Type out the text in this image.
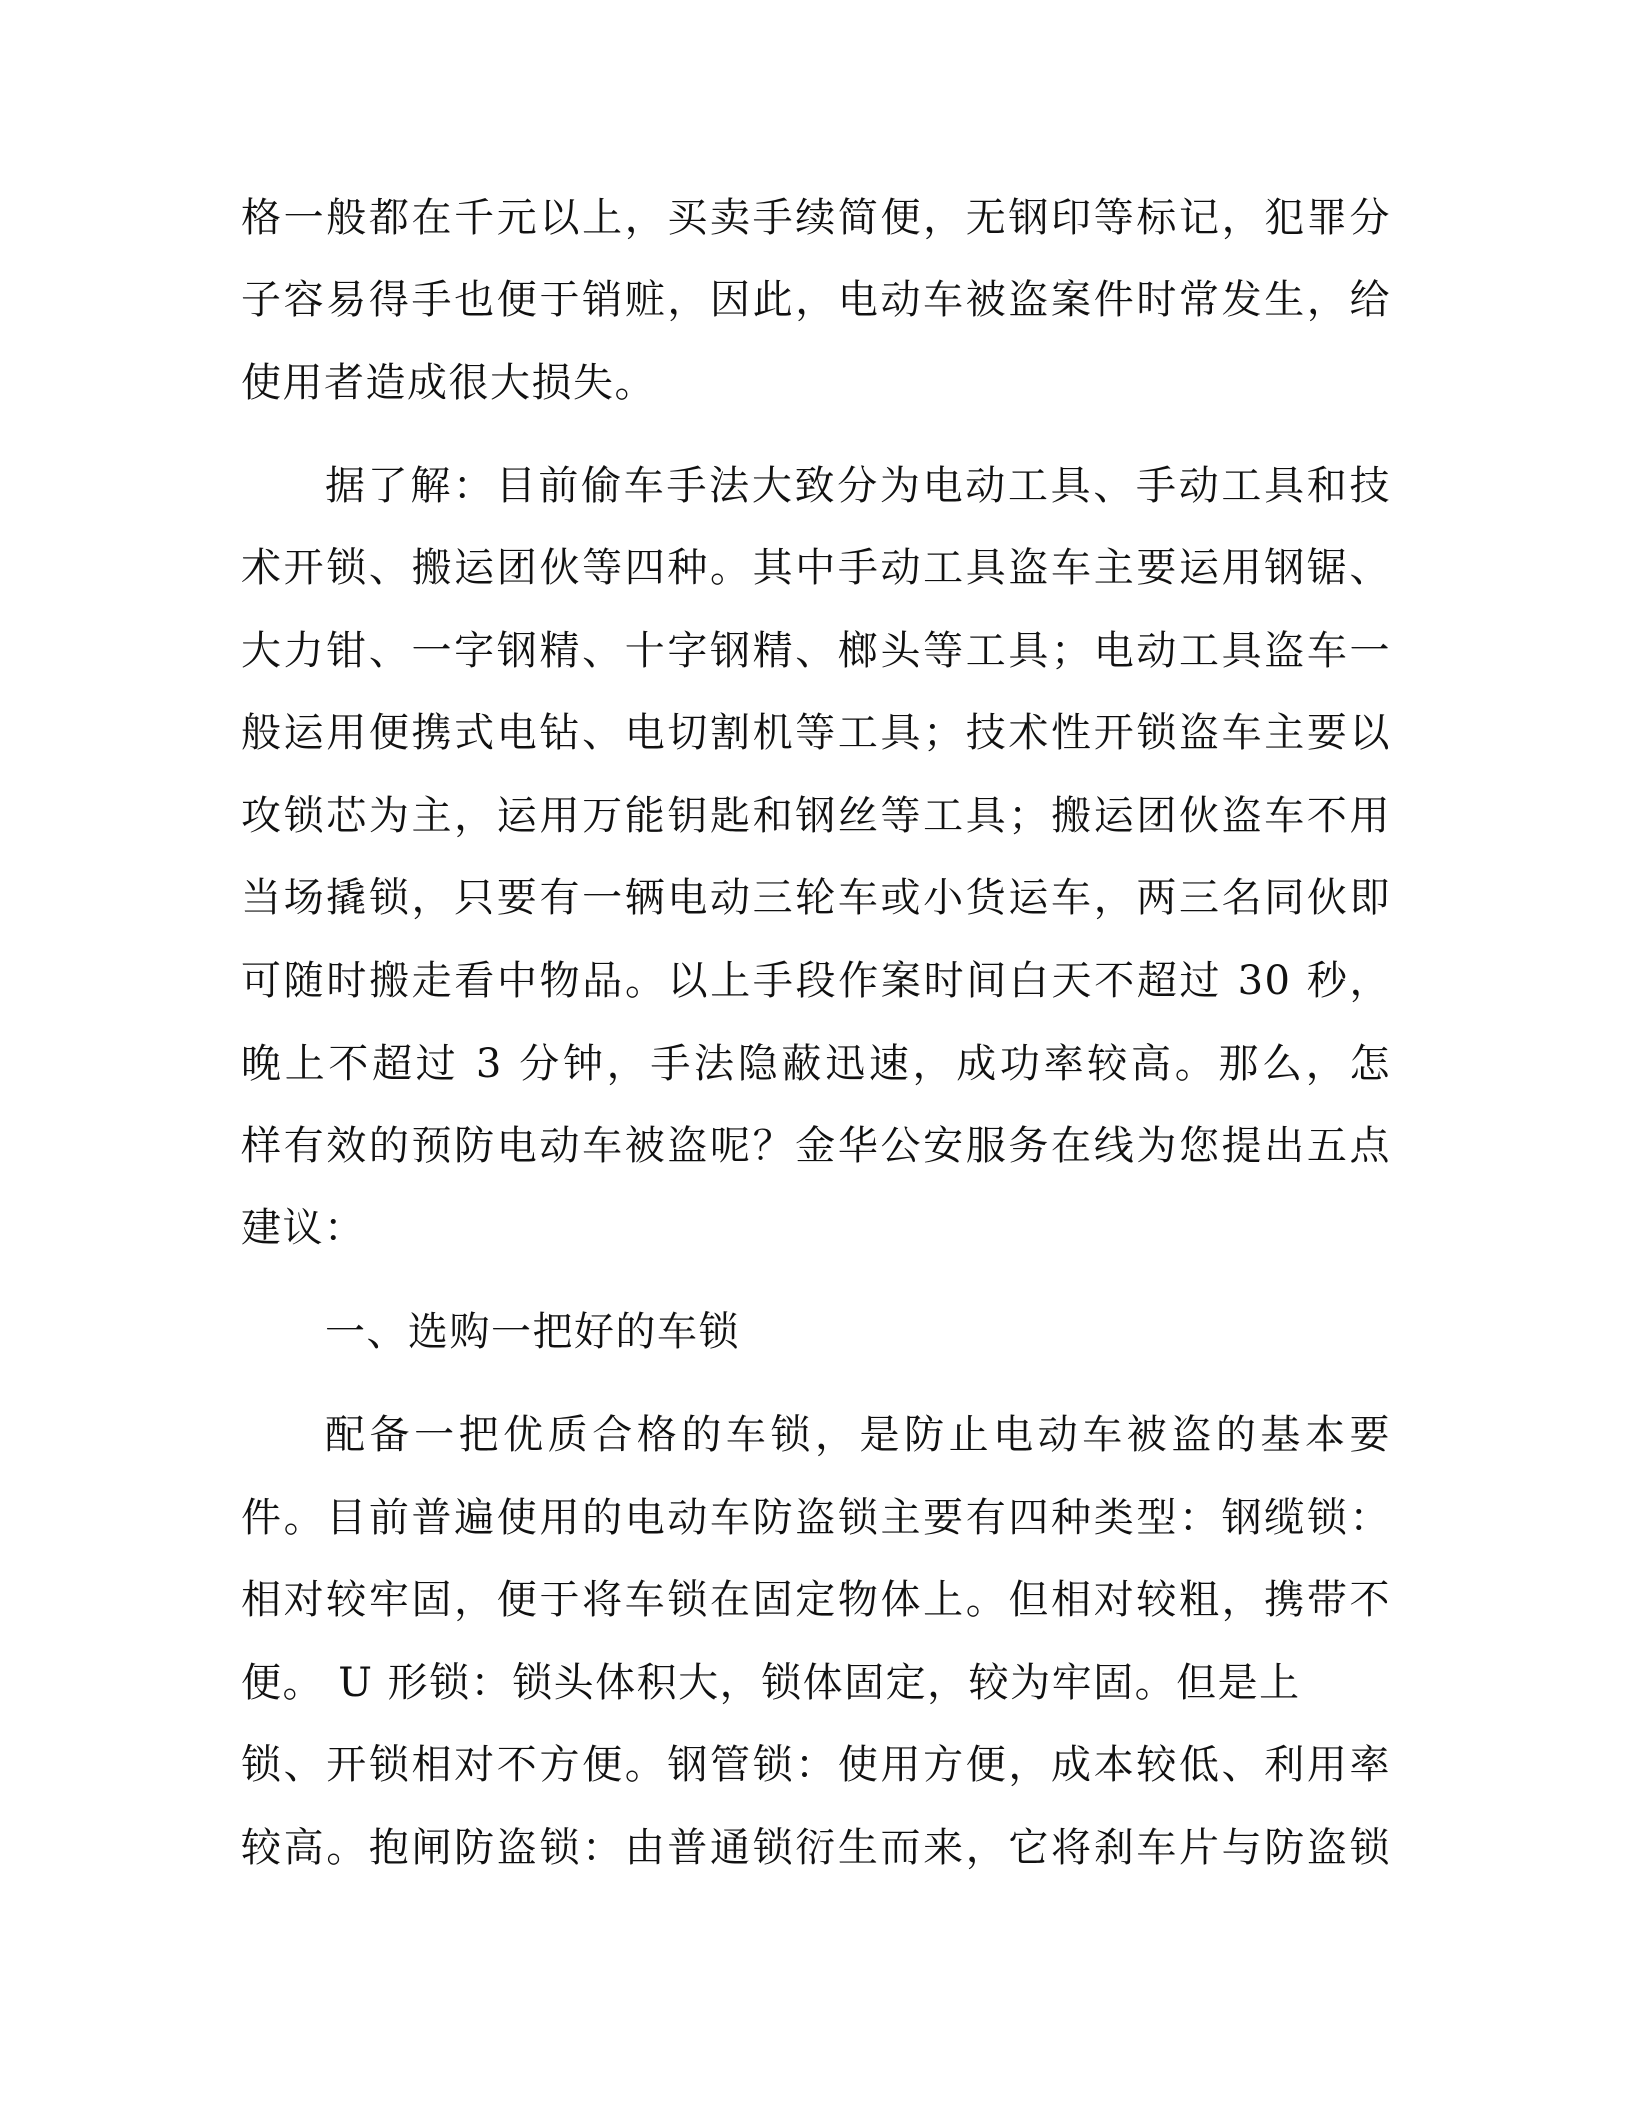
格一般都在千元以上，买卖手续简便，无钢印等标记，犯罪分
子容易得手也便于销赃，因此，电动车被盗案件时常发生，给
使用者造成很大损失。
据了解：目前偷车手法大致分为电动工具、手动工具和技
术开锁、搬运团伙等四种。其中手动工具盗车主要运用钢锯、
大力钳、一字钢精、十字钢精、榔头等工具；电动工具盗车一
般运用便携式电钻、电切割机等工具；技术性开锁盗车主要以
攻锁芯为主，运用万能钥匙和钢丝等工具；搬运团伙盗车不用
当场撬锁，只要有一辆电动三轮车或小货运车，两三名同伙即
可随时搬走看中物品。以上手段作案时间白天不超过 30 秒，
晚上不超过 3 分钟，手法隐蔽迅速，成功率较高。那么，怎
样有效的预防电动车被盗呢？金华公安服务在线为您提出五点
建议：
一、选购一把好的车锁
配备一把优质合格的车锁，是防止电动车被盗的基本要
件。目前普遍使用的电动车防盗锁主要有四种类型：钢缆锁：
相对较牢固，便于将车锁在固定物体上。但相对较粗，携带不
便。 U 形锁：锁头体积大，锁体固定，较为牢固。但是上
锁、开锁相对不方便。钢管锁：使用方便，成本较低、利用率
较高。抱闸防盗锁：由普通锁衍生而来，它将刹车片与防盗锁
